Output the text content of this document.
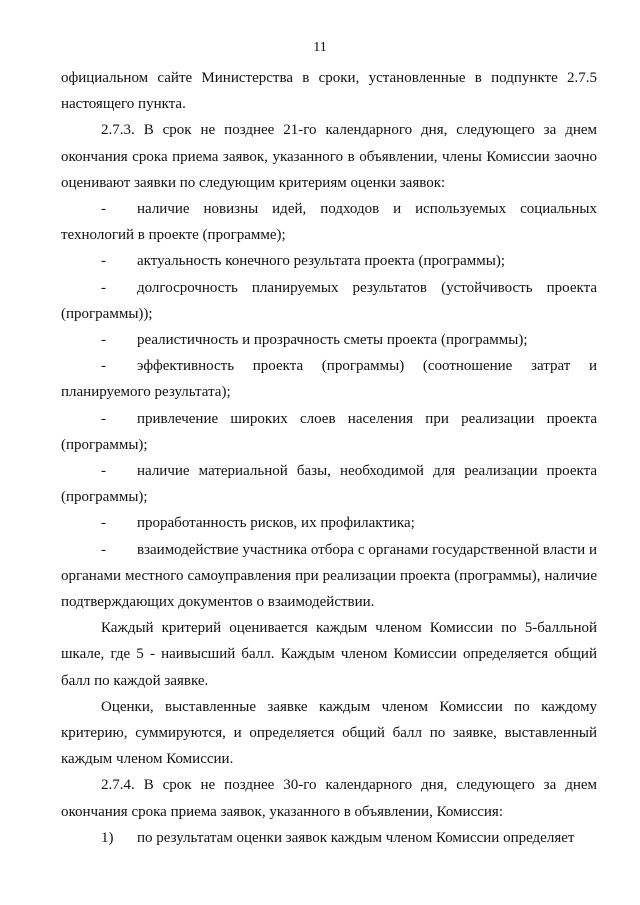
11

официальном сайте Министерства в сроки, установленные в подпункте 2.7.5 настоящего пункта.

2.7.3. В срок не позднее 21-го календарного дня, следующего за днем окончания срока приема заявок, указанного в объявлении, члены Комиссии заочно оценивают заявки по следующим критериям оценки заявок:

-	наличие новизны идей, подходов и используемых социальных технологий в проекте (программе);
-	актуальность конечного результата проекта (программы);
-	долгосрочность планируемых результатов (устойчивость проекта (программы));
-	реалистичность и прозрачность сметы проекта (программы);
-	эффективность проекта (программы) (соотношение затрат и планируемого результата);
-	привлечение широких слоев населения при реализации проекта (программы);
-	наличие материальной базы, необходимой для реализации проекта (программы);
-	проработанность рисков, их профилактика;
-	взаимодействие участника отбора с органами государственной власти и органами местного самоуправления при реализации проекта (программы), наличие подтверждающих документов о взаимодействии.

Каждый критерий оценивается каждым членом Комиссии по 5-балльной шкале, где 5 - наивысший балл. Каждым членом Комиссии определяется общий балл по каждой заявке.

Оценки, выставленные заявке каждым членом Комиссии по каждому критерию, суммируются, и определяется общий балл по заявке, выставленный каждым членом Комиссии.

2.7.4. В срок не позднее 30-го календарного дня, следующего за днем окончания срока приема заявок, указанного в объявлении, Комиссия:

1)	по результатам оценки заявок каждым членом Комиссии определяет
